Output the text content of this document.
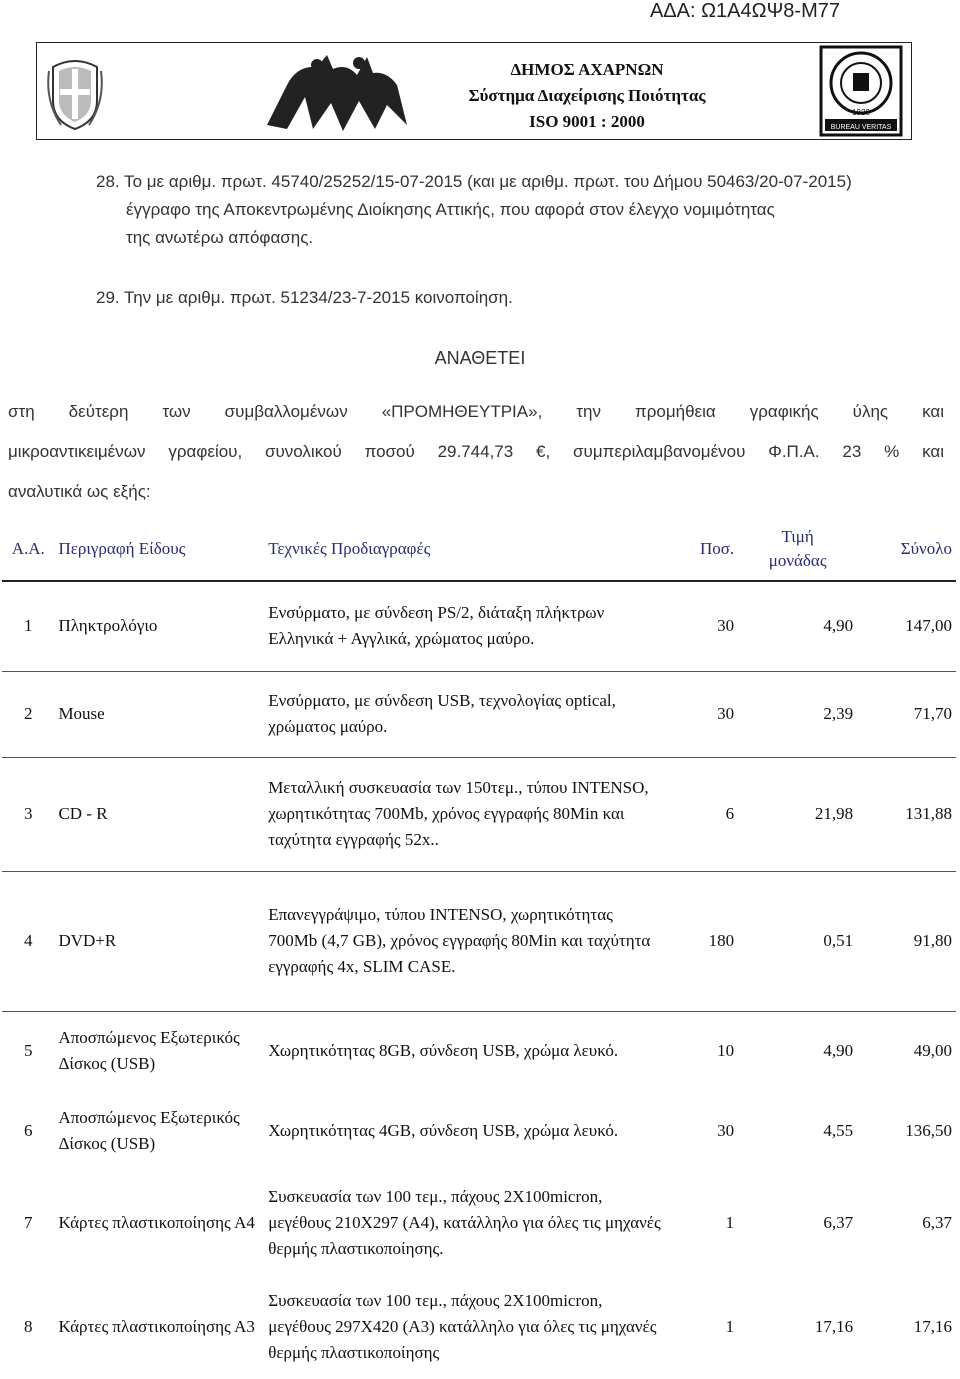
ΑΔΑ: Ω1Α4ΩΨ8-Μ77
ΔΗΜΟΣ ΑΧΑΡΝΩΝ
Σύστημα Διαχείρισης Ποιότητας
ISO 9001 : 2000	1828
BUREAU VERITAS
28. Το με αριθμ. πρωτ. 45740/25252/15-07-2015 (και με αριθμ. πρωτ. του Δήμου 50463/20-07-2015)
έγγραφο της Αποκεντρωμένης Διοίκησης Αττικής, που αφορά στον έλεγχο νομιμότητας
της ανωτέρω απόφασης.
29. Την με αριθμ. πρωτ. 51234/23-7-2015 κοινοποίηση.
ΑΝΑΘΕΤΕΙ
στη δεύτερη των συμβαλλομένων «ΠΡΟΜΗΘΕΥΤΡΙΑ», την προμήθεια γραφικής ύλης και
μικροαντικειμένων γραφείου, συνολικού ποσού 29.744,73 €, συμπεριλαμβανομένου Φ.Π.Α. 23 % και
αναλυτικά ως εξής:
Α.Α.	Περιγραφή Είδους	Τεχνικές Προδιαγραφές	Ποσ.	Τιμή
μονάδας	Σύνολο
1	Πληκτρολόγιο	Ενσύρματο, με σύνδεση PS/2, διάταξη πλήκτρων Ελληνικά + Αγγλικά, χρώματος μαύρο.	30	4,90	147,00
2	Mouse	Ενσύρματο, με σύνδεση USB, τεχνολογίας optical, χρώματος μαύρο.	30	2,39	71,70
3	CD - R	Μεταλλική συσκευασία των 150τεμ., τύπου INTENSO, χωρητικότητας 700Mb, χρόνος εγγραφής 80Min και ταχύτητα εγγραφής 52x..	6	21,98	131,88
4	DVD+R	Επανεγγράψιμο, τύπου INTENSO, χωρητικότητας 700Mb (4,7 GB), χρόνος εγγραφής 80Min και ταχύτητα εγγραφής 4x, SLIM CASE.	180	0,51	91,80
5	Αποσπώμενος Εξωτερικός Δίσκος (USB)	Χωρητικότητας 8GB, σύνδεση USB, χρώμα λευκό.	10	4,90	49,00
6	Αποσπώμενος Εξωτερικός Δίσκος (USB)	Χωρητικότητας 4GB, σύνδεση USB, χρώμα λευκό.	30	4,55	136,50
7	Κάρτες πλαστικοποίησης Α4	Συσκευασία των 100 τεμ., πάχους 2Χ100micron, μεγέθους 210Χ297 (Α4), κατάλληλο για όλες τις μηχανές θερμής πλαστικοποίησης.	1	6,37	6,37
8	Κάρτες πλαστικοποίησης Α3	Συσκευασία των 100 τεμ., πάχους 2Χ100micron, μεγέθους 297Χ420 (Α3) κατάλληλο για όλες τις μηχανές θερμής πλαστικοποίησης	1	17,16	17,16
